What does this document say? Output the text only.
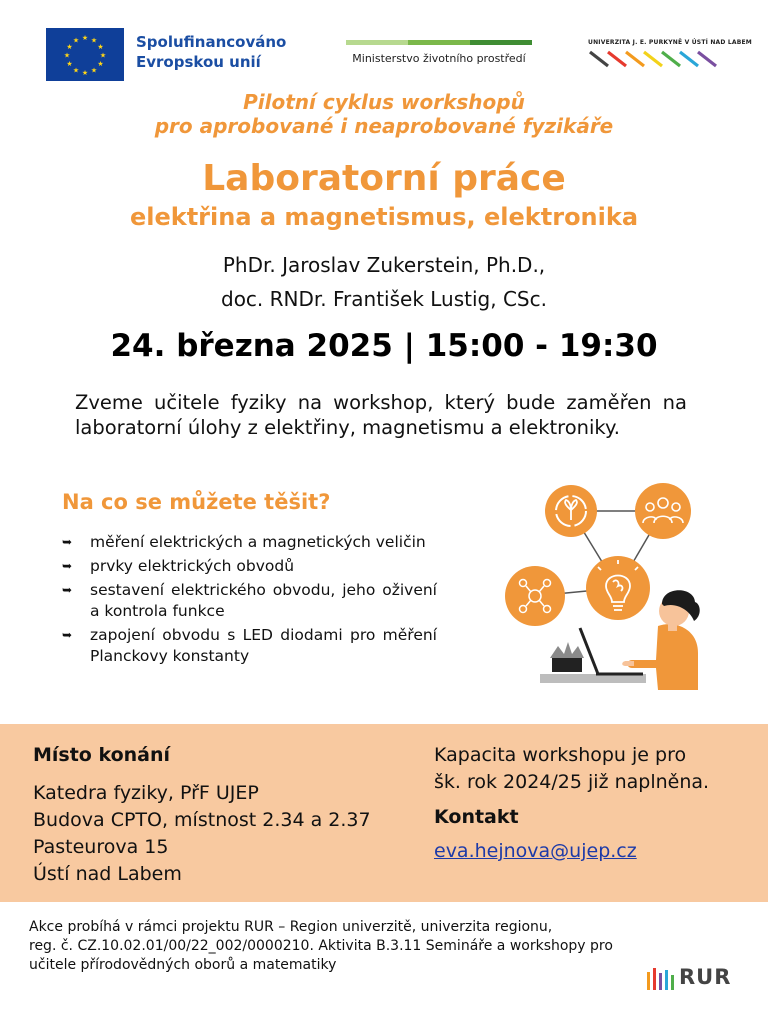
★ ★
★
★
★
★
★
★
★
★
★
★	Spolufinancováno
Evropskou unií	Ministerstvo životního prostředí
UNIVERZITA J. E. PURKYNĚ V ÚSTÍ NAD LABEM
Pilotní cyklus workshopů
pro aprobované i neaprobované fyzikáře
Laboratorní práce
elektřina a magnetismus, elektronika
PhDr. Jaroslav Zukerstein, Ph.D.,
doc. RNDr. František Lustig, CSc.
24. března 2025 | 15:00 - 19:30
Zveme učitele fyziky na workshop, který bude zaměřen na laboratorní úlohy z elektřiny, magnetismu a elektroniky.
Na co se můžete těšit?
➥ měření elektrických a magnetických veličin
➥ prvky elektrických obvodů
➥ sestavení elektrického obvodu, jeho oživení a kontrola funkce
➥ zapojení obvodu s LED diodami pro měření Planckovy konstanty
Místo konání
Katedra fyziky, PřF UJEP
Budova CPTO, místnost 2.34 a 2.37
Pasteurova 15
Ústí nad Labem
Kapacita workshopu je pro
šk. rok 2024/25 již naplněna.
Kontakt
eva.hejnova@ujep.cz
Akce probíhá v rámci projektu RUR – Region univerzitě, univerzita regionu,
reg. č. CZ.10.02.01/00/22_002/0000210. Aktivita B.3.11 Semináře a workshopy pro
učitele přírodovědných oborů a matematiky	RUR
